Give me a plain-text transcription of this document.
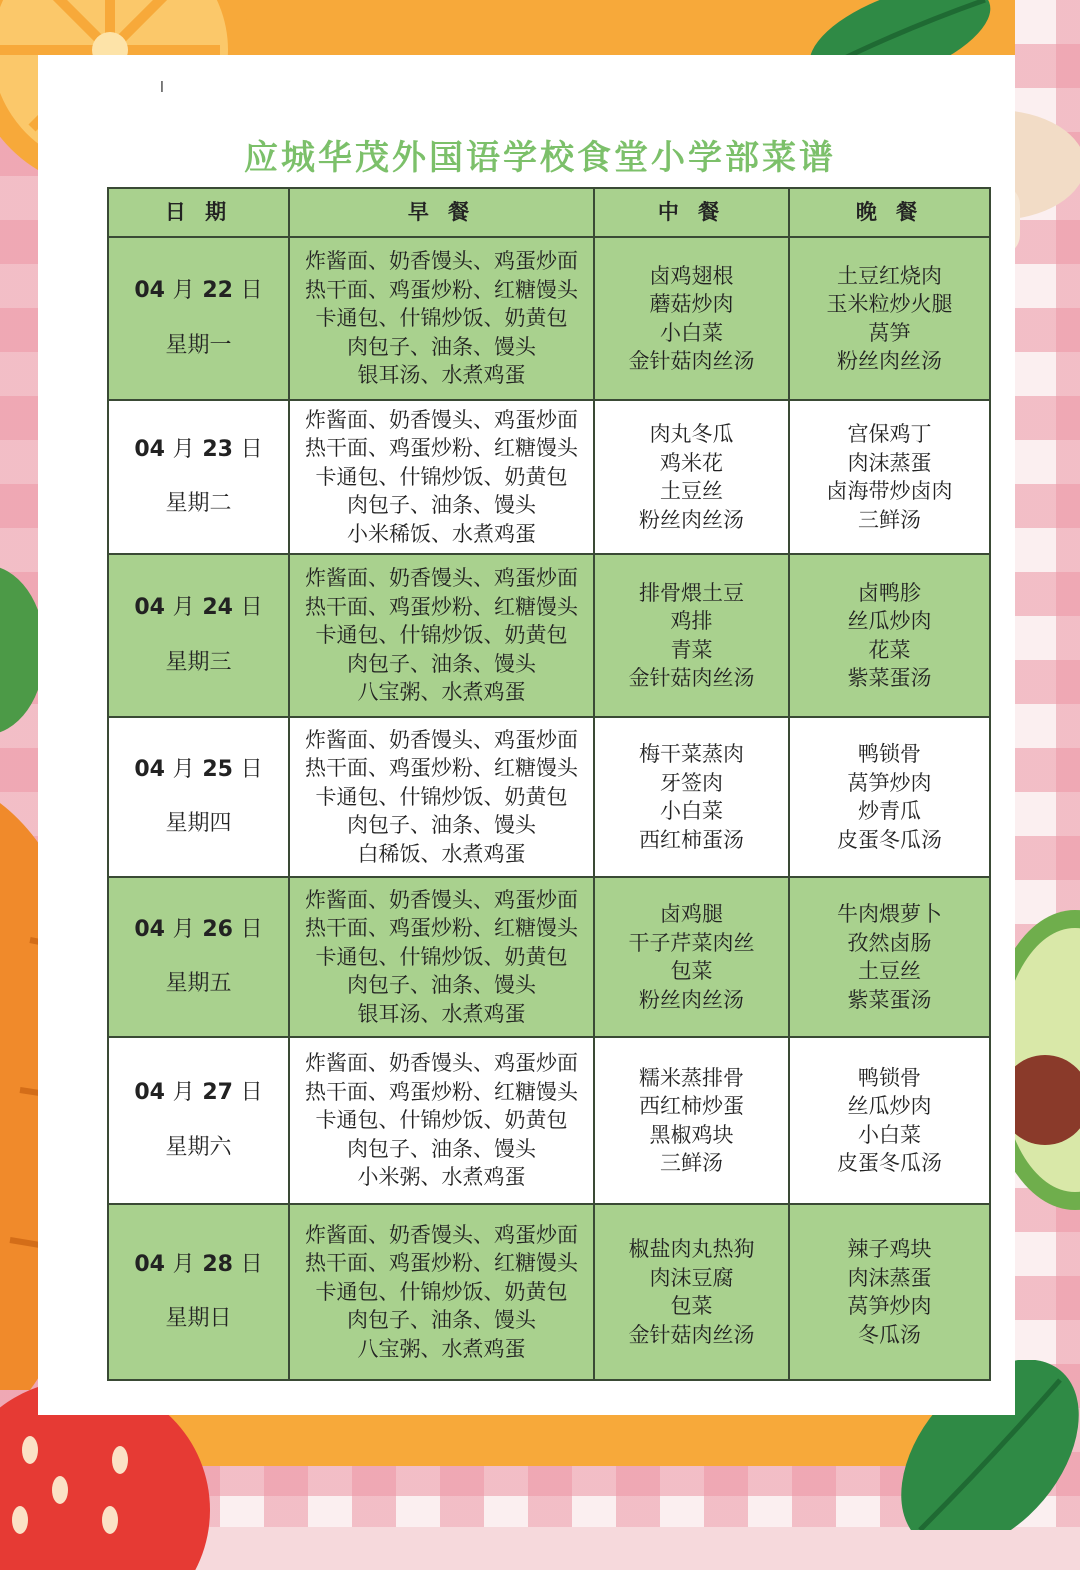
l
应城华茂外国语学校食堂小学部菜谱
日 期	早 餐	中 餐	晚 餐

04 月 22 日
星期一	炸酱面、奶香馒头、鸡蛋炒面
热干面、鸡蛋炒粉、红糖馒头
卡通包、什锦炒饭、奶黄包
肉包子、油条、馒头
银耳汤、水煮鸡蛋	卤鸡翅根
蘑菇炒肉
小白菜
金针菇肉丝汤	土豆红烧肉
玉米粒炒火腿
莴笋
粉丝肉丝汤

04 月 23 日
星期二	炸酱面、奶香馒头、鸡蛋炒面
热干面、鸡蛋炒粉、红糖馒头
卡通包、什锦炒饭、奶黄包
肉包子、油条、馒头
小米稀饭、水煮鸡蛋	肉丸冬瓜
鸡米花
土豆丝
粉丝肉丝汤	宫保鸡丁
肉沫蒸蛋
卤海带炒卤肉
三鲜汤

04 月 24 日
星期三	炸酱面、奶香馒头、鸡蛋炒面
热干面、鸡蛋炒粉、红糖馒头
卡通包、什锦炒饭、奶黄包
肉包子、油条、馒头
八宝粥、水煮鸡蛋	排骨煨土豆
鸡排
青菜
金针菇肉丝汤	卤鸭胗
丝瓜炒肉
花菜
紫菜蛋汤

04 月 25 日
星期四	炸酱面、奶香馒头、鸡蛋炒面
热干面、鸡蛋炒粉、红糖馒头
卡通包、什锦炒饭、奶黄包
肉包子、油条、馒头
白稀饭、水煮鸡蛋	梅干菜蒸肉
牙签肉
小白菜
西红柿蛋汤	鸭锁骨
莴笋炒肉
炒青瓜
皮蛋冬瓜汤

04 月 26 日
星期五	炸酱面、奶香馒头、鸡蛋炒面
热干面、鸡蛋炒粉、红糖馒头
卡通包、什锦炒饭、奶黄包
肉包子、油条、馒头
银耳汤、水煮鸡蛋	卤鸡腿
干子芹菜肉丝
包菜
粉丝肉丝汤	牛肉煨萝卜
孜然卤肠
土豆丝
紫菜蛋汤

04 月 27 日
星期六	炸酱面、奶香馒头、鸡蛋炒面
热干面、鸡蛋炒粉、红糖馒头
卡通包、什锦炒饭、奶黄包
肉包子、油条、馒头
小米粥、水煮鸡蛋	糯米蒸排骨
西红柿炒蛋
黑椒鸡块
三鲜汤	鸭锁骨
丝瓜炒肉
小白菜
皮蛋冬瓜汤

04 月 28 日
星期日	炸酱面、奶香馒头、鸡蛋炒面
热干面、鸡蛋炒粉、红糖馒头
卡通包、什锦炒饭、奶黄包
肉包子、油条、馒头
八宝粥、水煮鸡蛋	椒盐肉丸热狗
肉沫豆腐
包菜
金针菇肉丝汤	辣子鸡块
肉沫蒸蛋
莴笋炒肉
冬瓜汤
